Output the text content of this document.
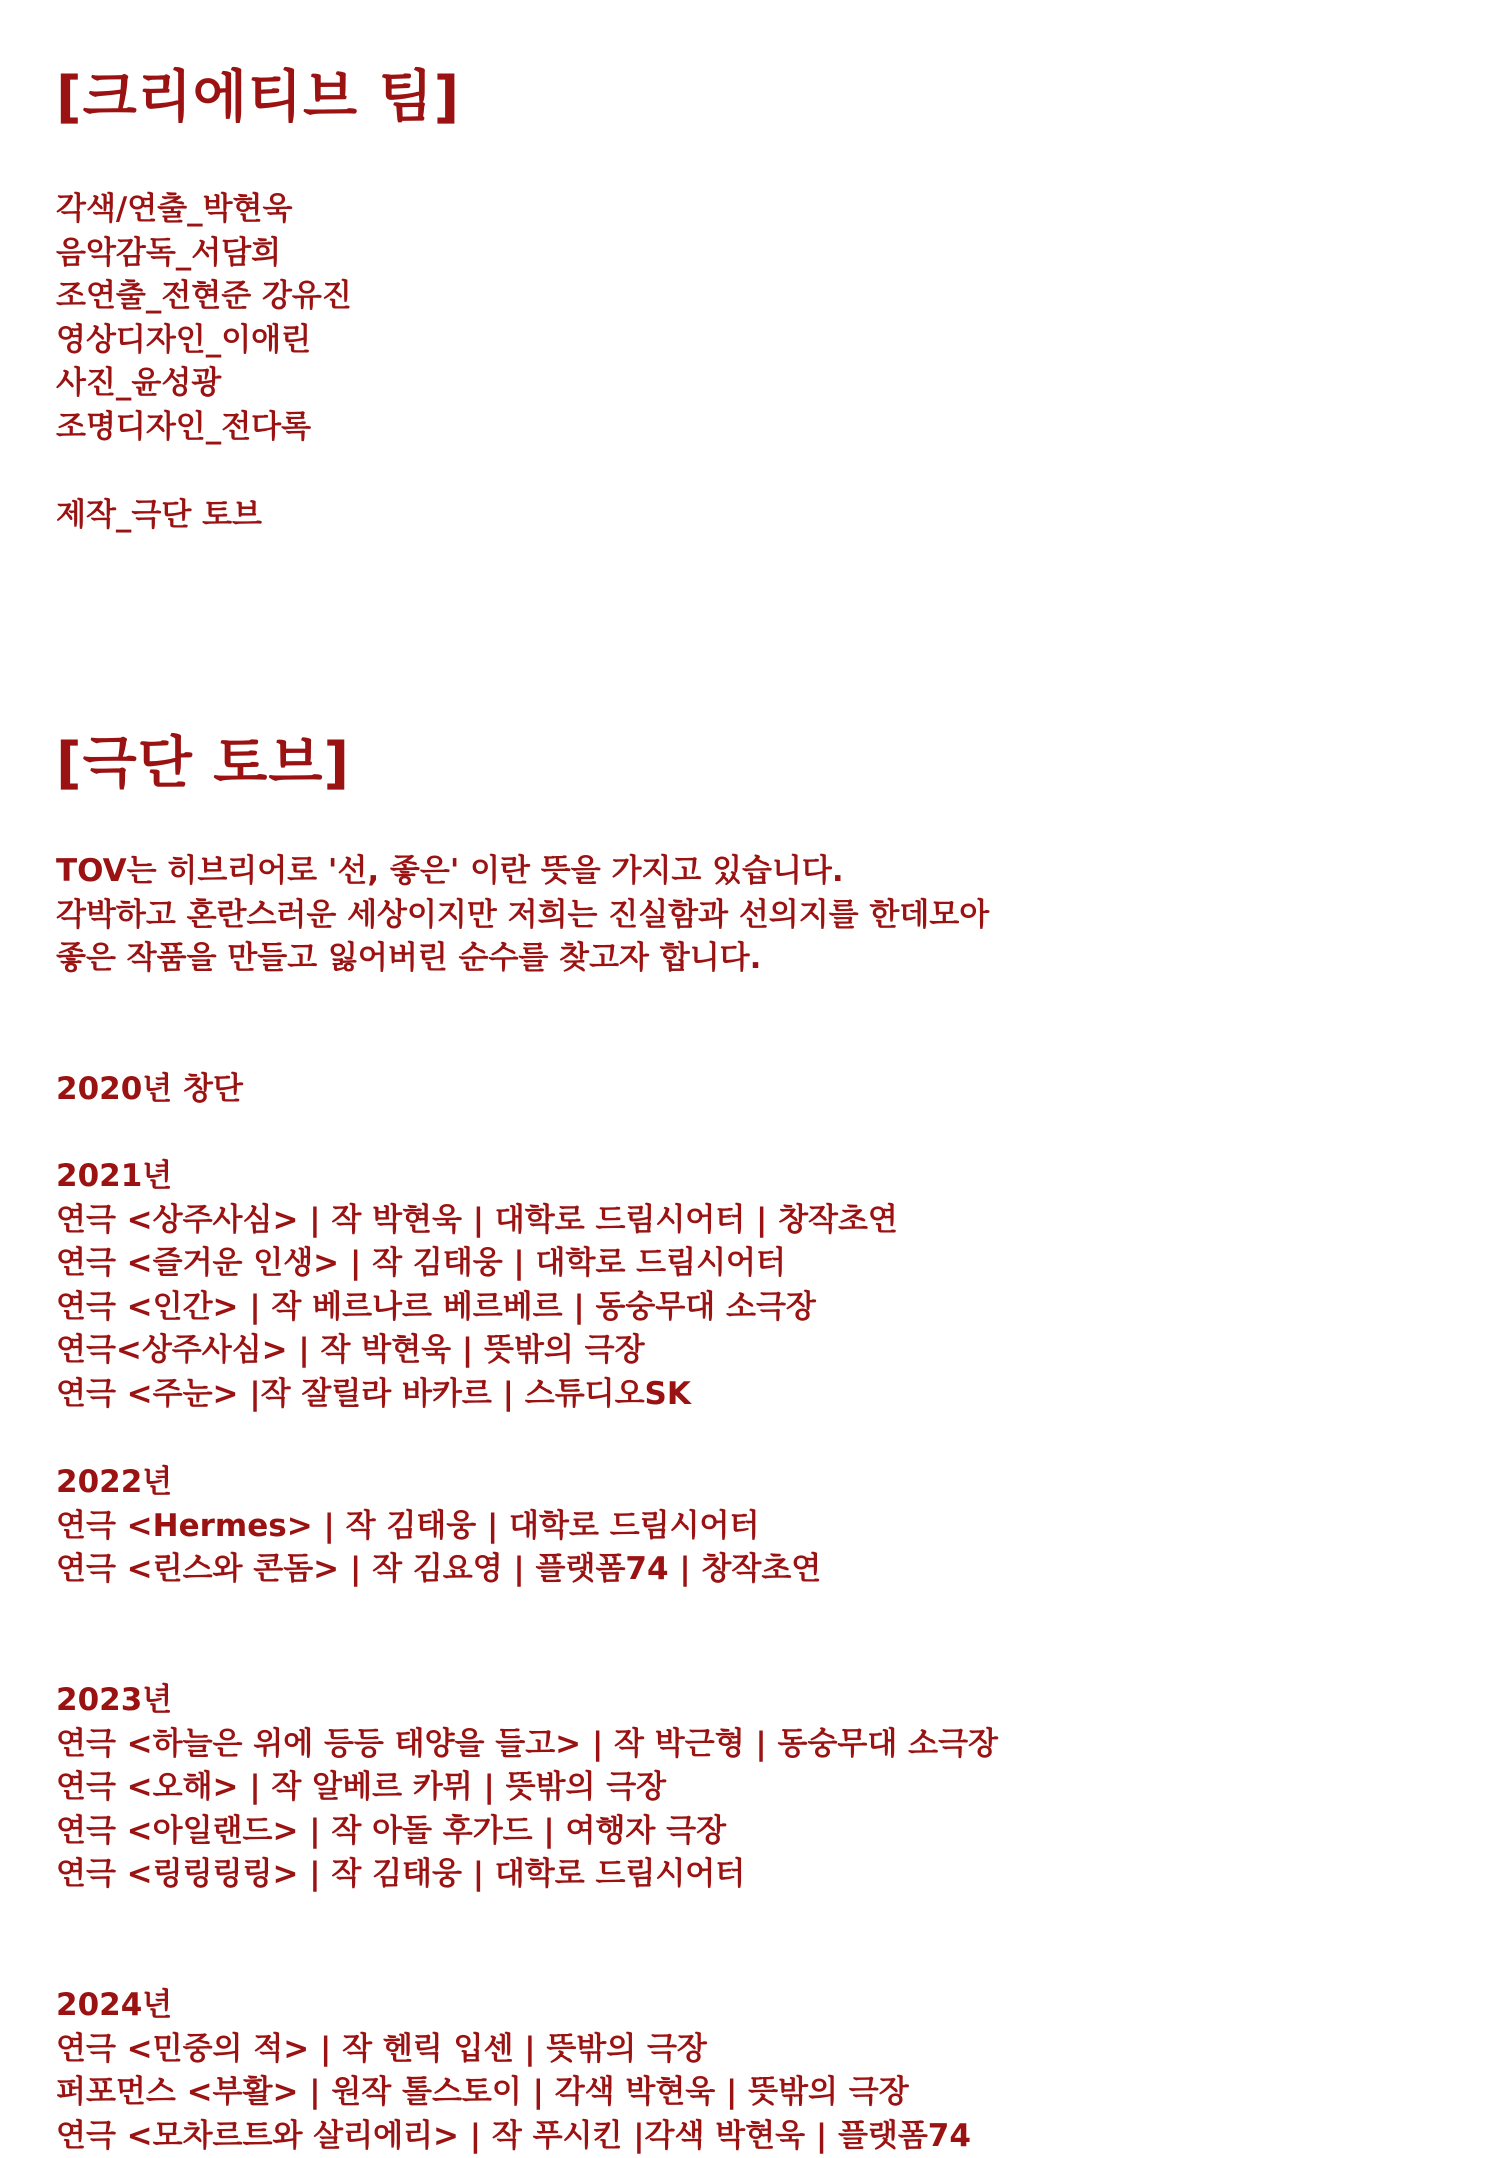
[크리에티브 팀]
각색/연출_박현욱
음악감독_서담희
조연출_전현준 강유진
영상디자인_이애린
사진_윤성광
조명디자인_전다록
제작_극단 토브
[극단 토브]
TOV는 히브리어로 '선, 좋은' 이란 뜻을 가지고 있습니다.
각박하고 혼란스러운 세상이지만 저희는 진실함과 선의지를 한데모아
좋은 작품을 만들고 잃어버린 순수를 찾고자 합니다.
2020년 창단
2021년
연극 <상주사심> | 작 박현욱 | 대학로 드림시어터 | 창작초연
연극 <즐거운 인생> | 작 김태웅 | 대학로 드림시어터
연극 <인간> | 작 베르나르 베르베르 | 동숭무대 소극장
연극<상주사심> | 작 박현욱 | 뜻밖의 극장
연극 <주눈> |작 잘릴라 바카르 | 스튜디오SK
2022년
연극 <Hermes> | 작 김태웅 | 대학로 드림시어터
연극 <린스와 콘돔> | 작 김요영 | 플랫폼74 | 창작초연
2023년
연극 <하늘은 위에 등등 태양을 들고> | 작 박근형 | 동숭무대 소극장
연극 <오해> | 작 알베르 카뮈 | 뜻밖의 극장
연극 <아일랜드> | 작 아돌 후가드 | 여행자 극장
연극 <링링링링> | 작 김태웅 | 대학로 드림시어터
2024년
연극 <민중의 적> | 작 헨릭 입센 | 뜻밖의 극장
퍼포먼스 <부활> | 원작 톨스토이 | 각색 박현욱 | 뜻밖의 극장
연극 <모차르트와 살리에리> | 작 푸시킨 |각색 박현욱 | 플랫폼74
